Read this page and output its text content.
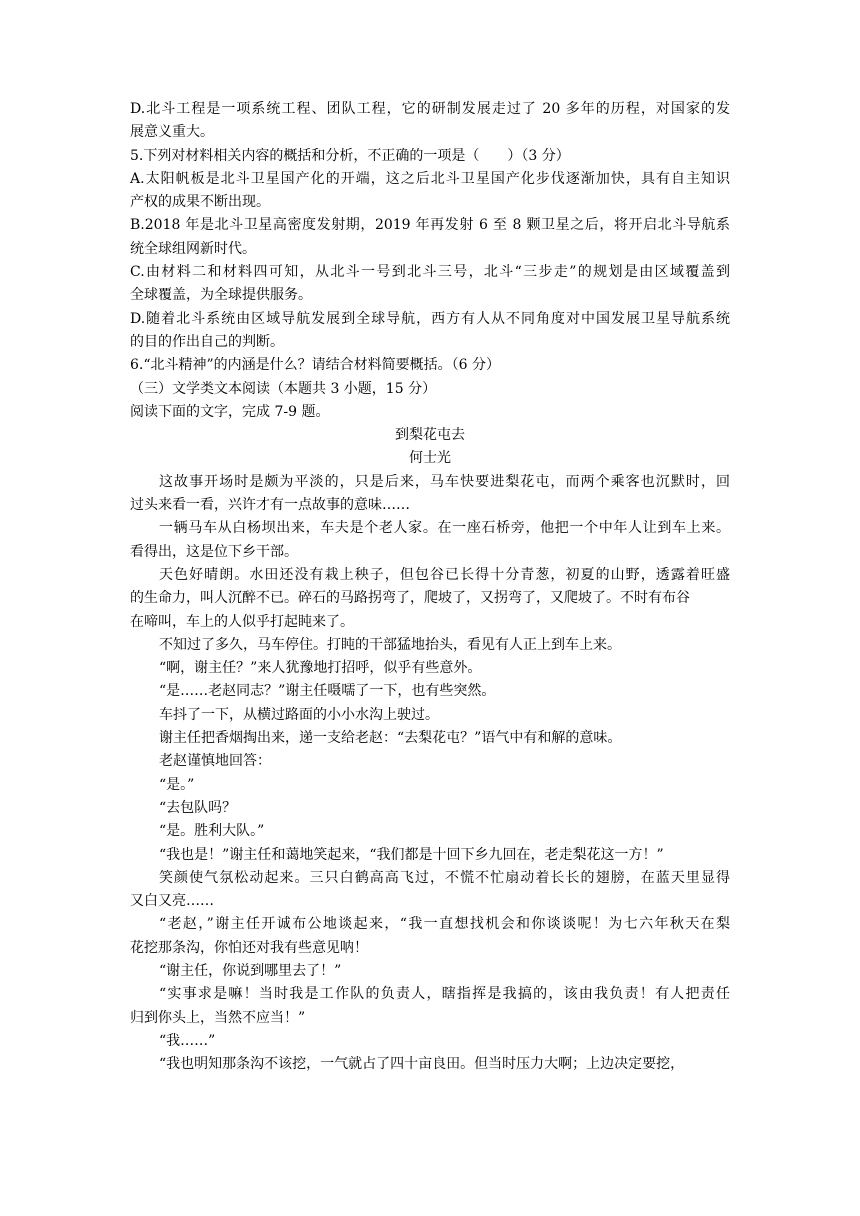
D.北斗工程是一项系统工程、团队工程，它的研制发展走过了 20 多年的历程，对国家的发
展意义重大。
5.下列对材料相关内容的概括和分析，不正确的一项是（　　）（3 分）
A.太阳帆板是北斗卫星国产化的开端，这之后北斗卫星国产化步伐逐渐加快，具有自主知识
产权的成果不断出现。
B.2018 年是北斗卫星高密度发射期，2019 年再发射 6 至 8 颗卫星之后，将开启北斗导航系
统全球组网新时代。
C.由材料二和材料四可知，从北斗一号到北斗三号，北斗“三步走”的规划是由区域覆盖到
全球覆盖，为全球提供服务。
D.随着北斗系统由区域导航发展到全球导航，西方有人从不同角度对中国发展卫星导航系统
的目的作出自己的判断。
6.“北斗精神”的内涵是什么？请结合材料简要概括。（6 分）
（三）文学类文本阅读（本题共 3 小题，15 分）
阅读下面的文字，完成 7-9 题。
到梨花屯去
何士光
这故事开场时是颇为平淡的，只是后来，马车快要进梨花屯，而两个乘客也沉默时，回
过头来看一看，兴许才有一点故事的意味……
一辆马车从白杨坝出来，车夫是个老人家。在一座石桥旁，他把一个中年人让到车上来。
看得出，这是位下乡干部。
天色好晴朗。水田还没有栽上秧子，但包谷已长得十分青葱，初夏的山野，透露着旺盛
的生命力，叫人沉醉不已。碎石的马路拐弯了，爬坡了，又拐弯了，又爬坡了。不时有布谷
在啼叫，车上的人似乎打起盹来了。
不知过了多久，马车停住。打盹的干部猛地抬头，看见有人正上到车上来。
“啊，谢主任？”来人犹豫地打招呼，似乎有些意外。
“是……老赵同志？”谢主任嗫嚅了一下，也有些突然。
车抖了一下，从横过路面的小小水沟上驶过。
谢主任把香烟掏出来，递一支给老赵：“去梨花屯？”语气中有和解的意味。
老赵谨慎地回答：
“是。”
“去包队吗？
“是。胜利大队。”
“我也是！”谢主任和蔼地笑起来，“我们都是十回下乡九回在，老走梨花这一方！”
笑颜使气氛松动起来。三只白鹤高高飞过，不慌不忙扇动着长长的翅膀，在蓝天里显得
又白又亮……
“老赵，”谢主任开诚布公地谈起来，“我一直想找机会和你谈谈呢！为七六年秋天在梨
花挖那条沟，你怕还对我有些意见呐！
“谢主任，你说到哪里去了！”
“实事求是嘛！当时我是工作队的负责人，瞎指挥是我搞的，该由我负责！有人把责任
归到你头上，当然不应当！”
“我……”
“我也明知那条沟不该挖，一气就占了四十亩良田。但当时压力大啊；上边决定要挖，
